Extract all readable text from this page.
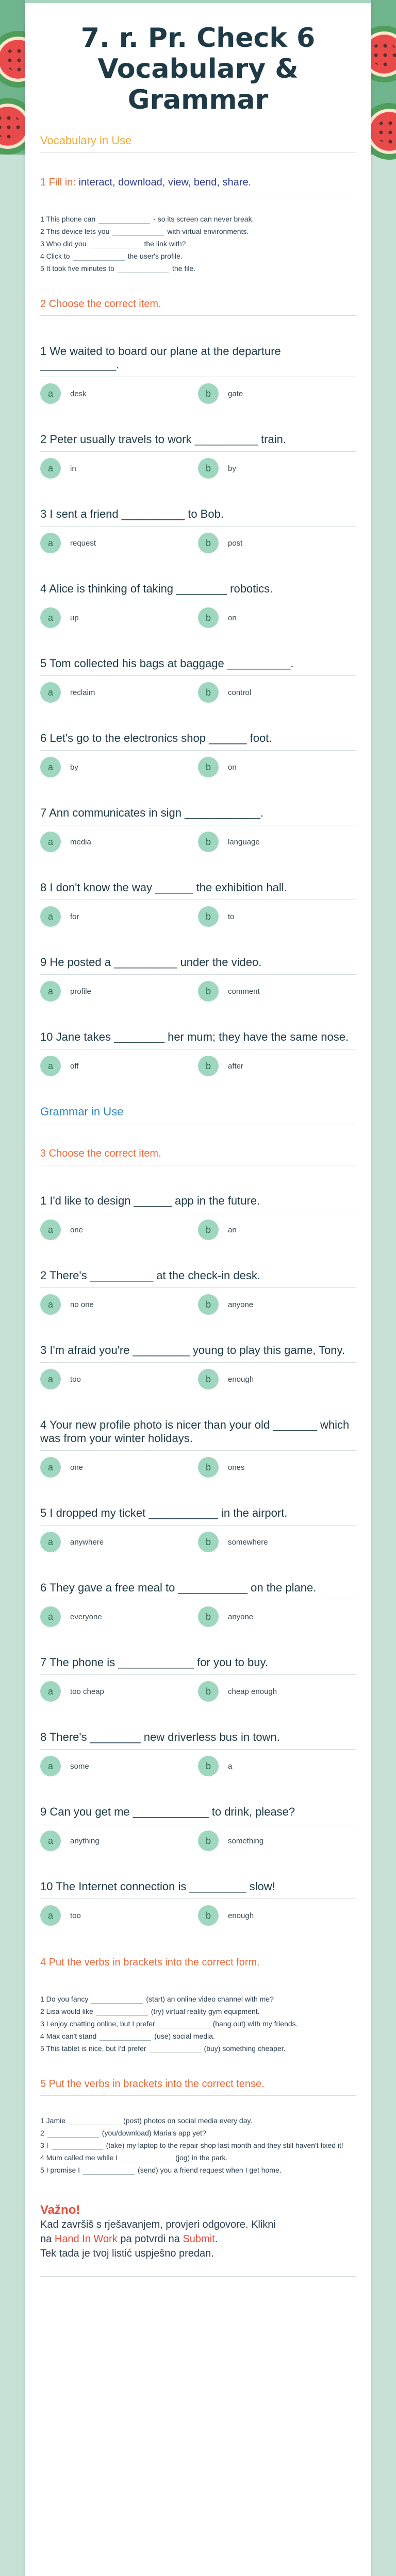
7. r. Pr. Check 6 Vocabulary & Grammar
Vocabulary in Use
1 Fill in: interact, download, view, bend, share.
1 This phone can	- so its screen can never break.
2 This device lets you	with virtual environments.
3 Who did you	the link with?
4 Click to	the user's profile.
5 It took five minutes to	the file.
2 Choose the correct item.
1 We waited to board our plane at the departure ____________.
a	desk	b	gate
2 Peter usually travels to work __________ train.
a	in	b	by
3 I sent a friend __________ to Bob.
a	request	b	post
4 Alice is thinking of taking ________ robotics.
a	up	b	on
5 Tom collected his bags at baggage __________.
a	reclaim	b	control
6 Let's go to the electronics shop ______ foot.
a	by	b	on
7 Ann communicates in sign ____________.
a	media	b	language
8 I don't know the way ______ the exhibition hall.
a	for	b	to
9 He posted a __________ under the video.
a	profile	b	comment
10 Jane takes ________ her mum; they have the same nose.
a	off	b	after
Grammar in Use
3 Choose the correct item.
1 I'd like to design ______ app in the future.
a	one	b	an
2 There's __________ at the check-in desk.
a	no one	b	anyone
3 I'm afraid you're _________ young to play this game, Tony.
a	too	b	enough
4 Your new profile photo is nicer than your old _______ which was from your winter holidays.
a	one	b	ones
5 I dropped my ticket ___________ in the airport.
a	anywhere	b	somewhere
6 They gave a free meal to ___________ on the plane.
a	everyone	b	anyone
7 The phone is ____________ for you to buy.
a	too cheap	b	cheap enough
8 There's ________ new driverless bus in town.
a	some	b	a
9 Can you get me ____________ to drink, please?
a	anything	b	something
10 The Internet connection is _________ slow!
a	too	b	enough
4 Put the verbs in brackets into the correct form.
1 Do you fancy	(start) an online video channel with me?
2 Lisa would like	(try) virtual reality gym equipment.
3 I enjoy chatting online, but I prefer	(hang out) with my friends.
4 Max can't stand	(use) social media.
5 This tablet is nice, but I'd prefer	(buy) something cheaper.
5 Put the verbs in brackets into the correct tense.
1 Jamie	(post) photos on social media every day.
2	(you/download) Maria's app yet?
3 I	(take) my laptop to the repair shop last month and they still haven't fixed it!
4 Mum called me while I	(jog) in the park.
5 I promise I	(send) you a friend request when I get home.
Važno!
Kad završiš s rješavanjem, provjeri odgovore. Klikni
na Hand In Work pa potvrdi na Submit.
Tek tada je tvoj listić uspješno predan.
